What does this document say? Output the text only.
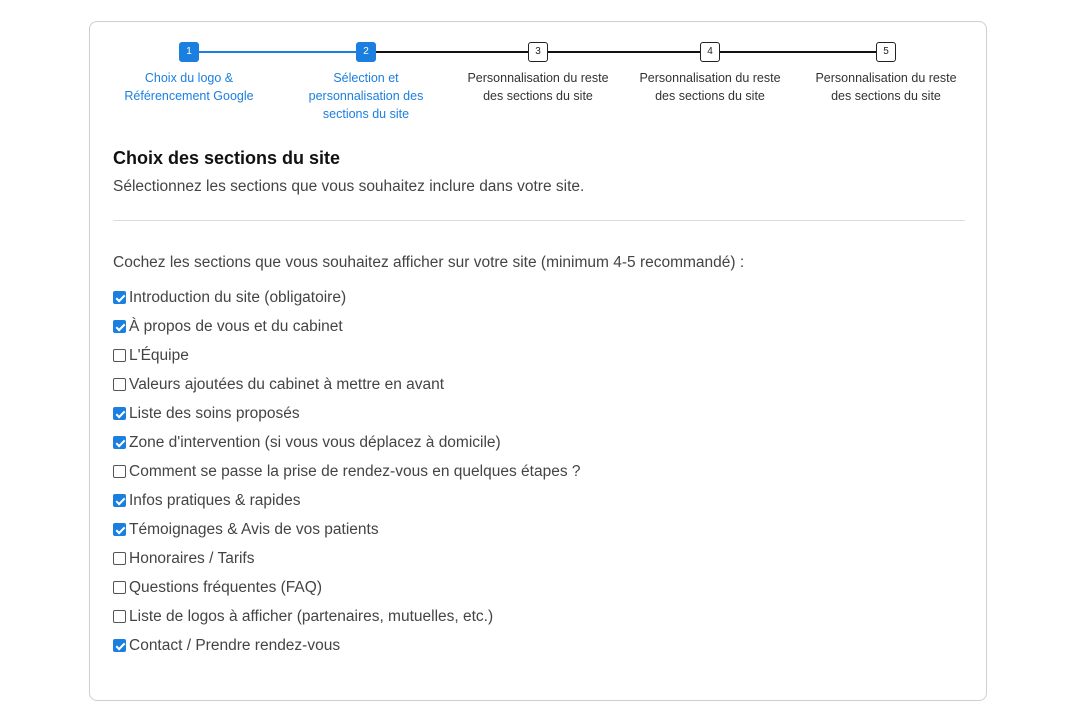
1
Choix du logo &
Référencement Google
2
Sélection et
personnalisation des
sections du site
3
Personnalisation du reste
des sections du site
4
Personnalisation du reste
des sections du site
5
Personnalisation du reste
des sections du site
Choix des sections du site
Sélectionnez les sections que vous souhaitez inclure dans votre site.
Cochez les sections que vous souhaitez afficher sur votre site (minimum 4-5 recommandé) :
Introduction du site (obligatoire)
À propos de vous et du cabinet
L'Équipe
Valeurs ajoutées du cabinet à mettre en avant
Liste des soins proposés
Zone d'intervention (si vous vous déplacez à domicile)
Comment se passe la prise de rendez-vous en quelques étapes ?
Infos pratiques & rapides
Témoignages & Avis de vos patients
Honoraires / Tarifs
Questions fréquentes (FAQ)
Liste de logos à afficher (partenaires, mutuelles, etc.)
Contact / Prendre rendez-vous
